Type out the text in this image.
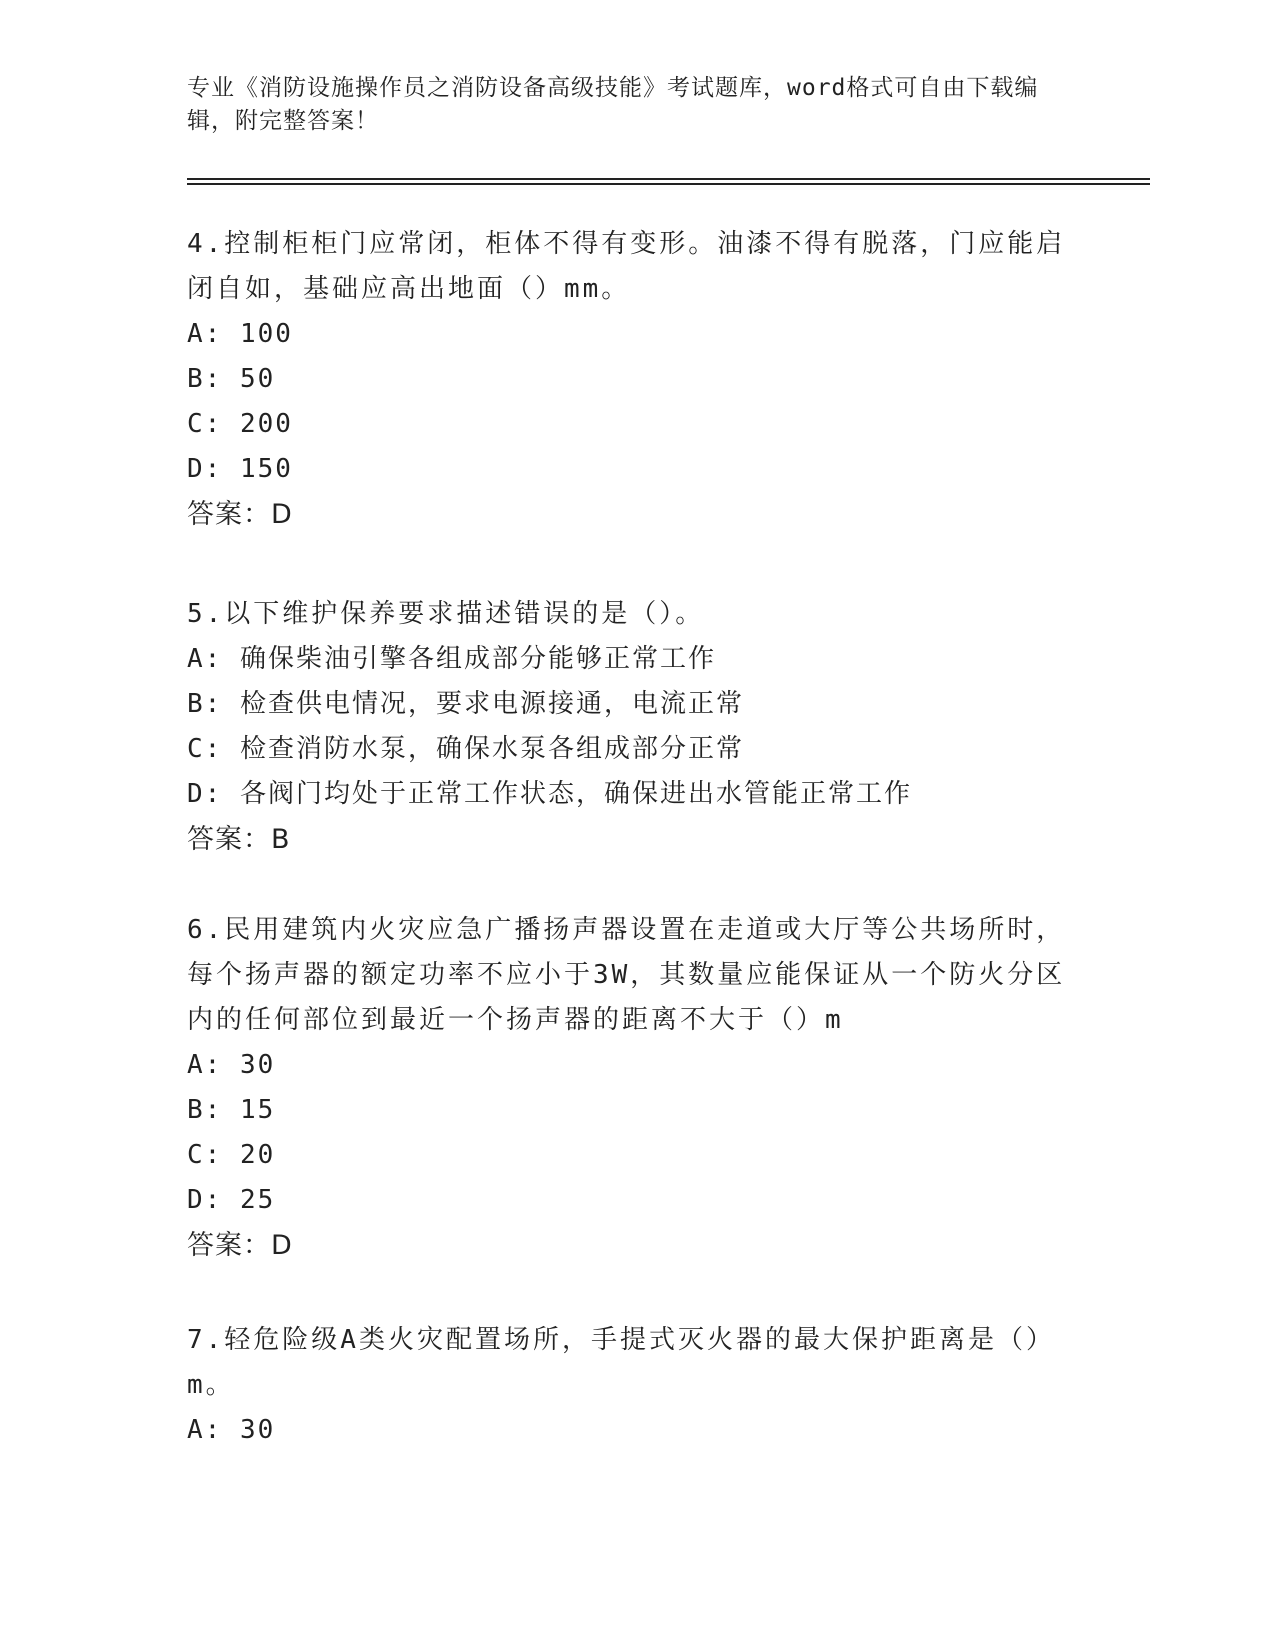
专业《消防设施操作员之消防设备高级技能》考试题库，word格式可自由下载编辑，附完整答案！

4.控制柜柜门应常闭，柜体不得有变形。油漆不得有脱落，门应能启闭自如，基础应高出地面（）mm。

A: 100

B: 50

C: 200

D: 150

答案：D

5.以下维护保养要求描述错误的是（）。

A: 确保柴油引擎各组成部分能够正常工作

B: 检查供电情况，要求电源接通，电流正常

C: 检查消防水泵，确保水泵各组成部分正常

D: 各阀门均处于正常工作状态，确保进出水管能正常工作

答案：B

6.民用建筑内火灾应急广播扬声器设置在走道或大厅等公共场所时，每个扬声器的额定功率不应小于3W，其数量应能保证从一个防火分区内的任何部位到最近一个扬声器的距离不大于（）m

A: 30

B: 15

C: 20

D: 25

答案：D

7.轻危险级A类火灾配置场所，手提式灭火器的最大保护距离是（）m。

A: 30
